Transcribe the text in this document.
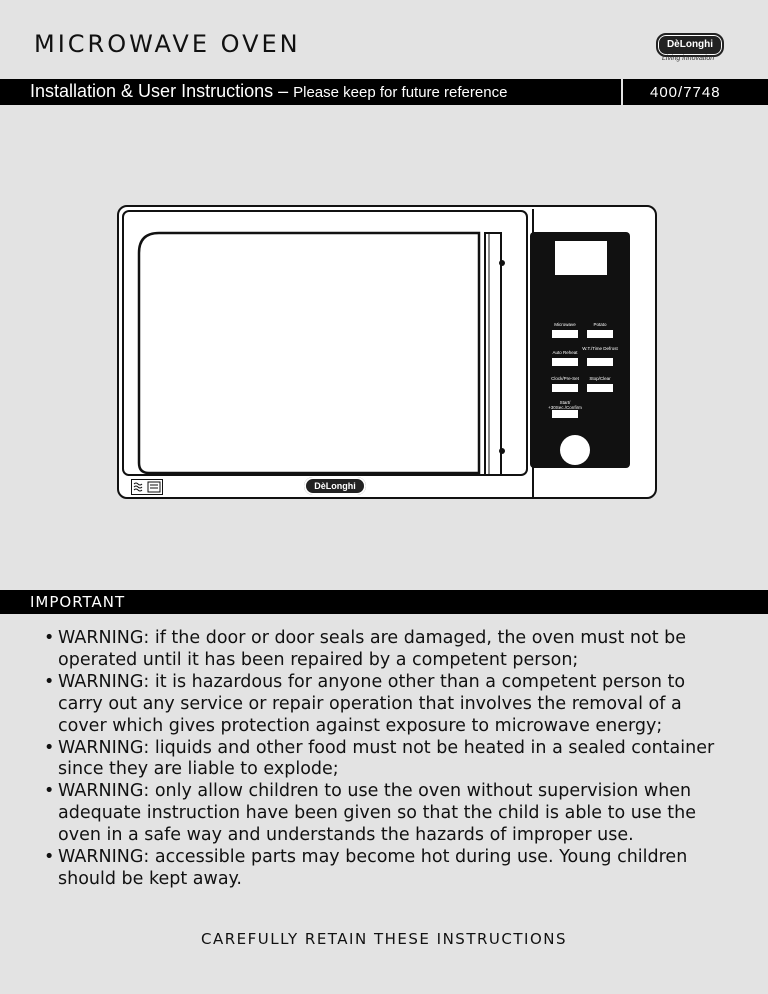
MICROWAVE OVEN	DèLonghi
Living innovation
Installation & User Instructions – Please keep for future reference	400/7748
Microwave	Potato
Auto Reheat
W.T./Time Defrost
Clock/Pre-Set	Stop/Clear
Start/ +30Sec./Confirm
DèLonghi
IMPORTANT
• WARNING: if the door or door seals are damaged, the oven must not be operated until it has been repaired by a competent person;
• WARNING: it is hazardous for anyone other than a competent person to carry out any service or repair operation that involves the removal of a cover which gives protection against exposure to microwave energy;
• WARNING: liquids and other food must not be heated in a sealed container since they are liable to explode;
• WARNING: only allow children to use the oven without supervision when adequate instruction have been given so that the child is able to use the oven in a safe way and understands the hazards of improper use.
• WARNING: accessible parts may become hot during use. Young children should be kept away.
CAREFULLY RETAIN THESE INSTRUCTIONS
